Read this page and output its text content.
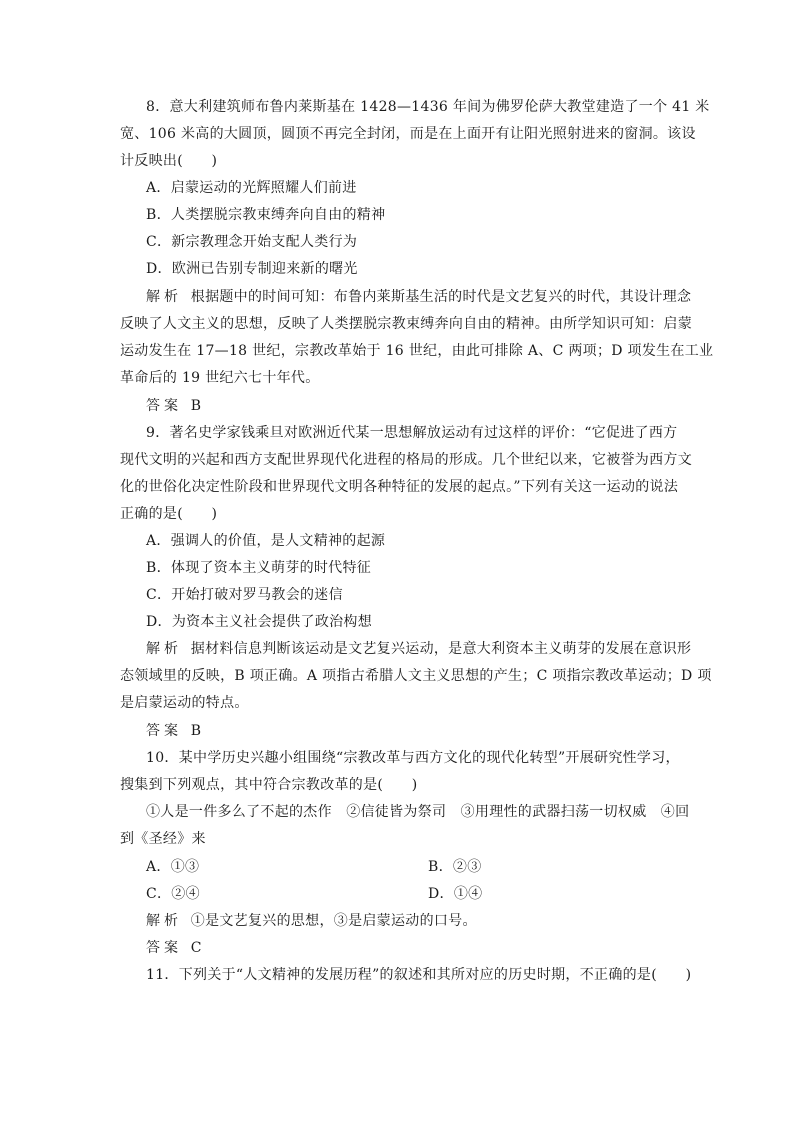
8．意大利建筑师布鲁内莱斯基在 1428—1436 年间为佛罗伦萨大教堂建造了一个 41 米
宽、106 米高的大圆顶，圆顶不再完全封闭，而是在上面开有让阳光照射进来的窗洞。该设
计反映出(　　)
A．启蒙运动的光辉照耀人们前进
B．人类摆脱宗教束缚奔向自由的精神
C．新宗教理念开始支配人类行为
D．欧洲已告别专制迎来新的曙光
解析 根据题中的时间可知：布鲁内莱斯基生活的时代是文艺复兴的时代，其设计理念
反映了人文主义的思想，反映了人类摆脱宗教束缚奔向自由的精神。由所学知识可知：启蒙
运动发生在 17—18 世纪，宗教改革始于 16 世纪，由此可排除 A、C 两项；D 项发生在工业
革命后的 19 世纪六七十年代。
答案 B
9．著名史学家钱乘旦对欧洲近代某一思想解放运动有过这样的评价：“它促进了西方
现代文明的兴起和西方支配世界现代化进程的格局的形成。几个世纪以来，它被誉为西方文
化的世俗化决定性阶段和世界现代文明各种特征的发展的起点。”下列有关这一运动的说法
正确的是(　　)
A．强调人的价值，是人文精神的起源
B．体现了资本主义萌芽的时代特征
C．开始打破对罗马教会的迷信
D．为资本主义社会提供了政治构想
解析 据材料信息判断该运动是文艺复兴运动，是意大利资本主义萌芽的发展在意识形
态领域里的反映，B 项正确。A 项指古希腊人文主义思想的产生；C 项指宗教改革运动；D 项
是启蒙运动的特点。
答案 B
10．某中学历史兴趣小组围绕“宗教改革与西方文化的现代化转型”开展研究性学习，
搜集到下列观点，其中符合宗教改革的是(　　)
①人是一件多么了不起的杰作　②信徒皆为祭司　③用理性的武器扫荡一切权威　④回
到《圣经》来
A．①③	B．②③
C．②④	D．①④
解析 ①是文艺复兴的思想，③是启蒙运动的口号。
答案 C
11．下列关于“人文精神的发展历程”的叙述和其所对应的历史时期，不正确的是(　　)
